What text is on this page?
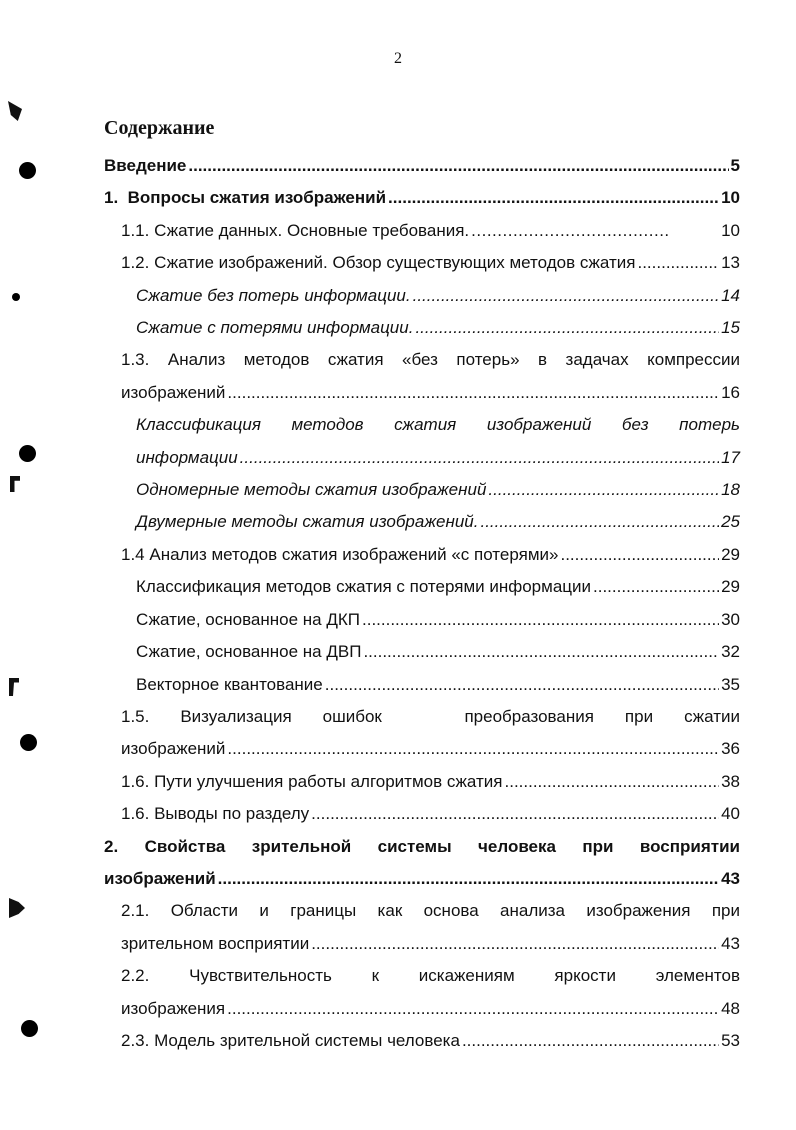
2
Содержание
Введение .....	5
1.  Вопросы сжатия изображений .....	10
1.1. Сжатие данных. Основные требования. .....	10
1.2. Сжатие изображений. Обзор существующих методов сжатия .....	13
Сжатие без потерь информации. .....	14
Сжатие с потерями информации. .....	15
1.3. Анализ методов сжатия «без потерь» в задачах компрессии
изображений .....	16
Классификация методов сжатия изображений без потерь
информации .....	17
Одномерные методы сжатия изображений .....	18
Двумерные методы сжатия изображений. .....	25
1.4 Анализ методов сжатия изображений «с потерями» .....	29
Классификация методов сжатия с потерями информации .....	29
Сжатие, основанное на ДКП .....	30
Сжатие, основанное на ДВП .....	32
Векторное квантование .....	35
1.5.   Визуализация   ошибок        преобразования   при   сжатии
изображений .....	36
1.6. Пути улучшения работы алгоритмов сжатия .....	38
1.6. Выводы по разделу .....	40
2.  Свойства  зрительной  системы  человека  при  восприятии
изображений .....	43
2.1. Области и границы как основа анализа изображения при
зрительном восприятии .....	43
2.2.   Чувствительность   к   искажениям   яркости   элементов
изображения .....	48
2.3. Модель зрительной системы человека .....	53
